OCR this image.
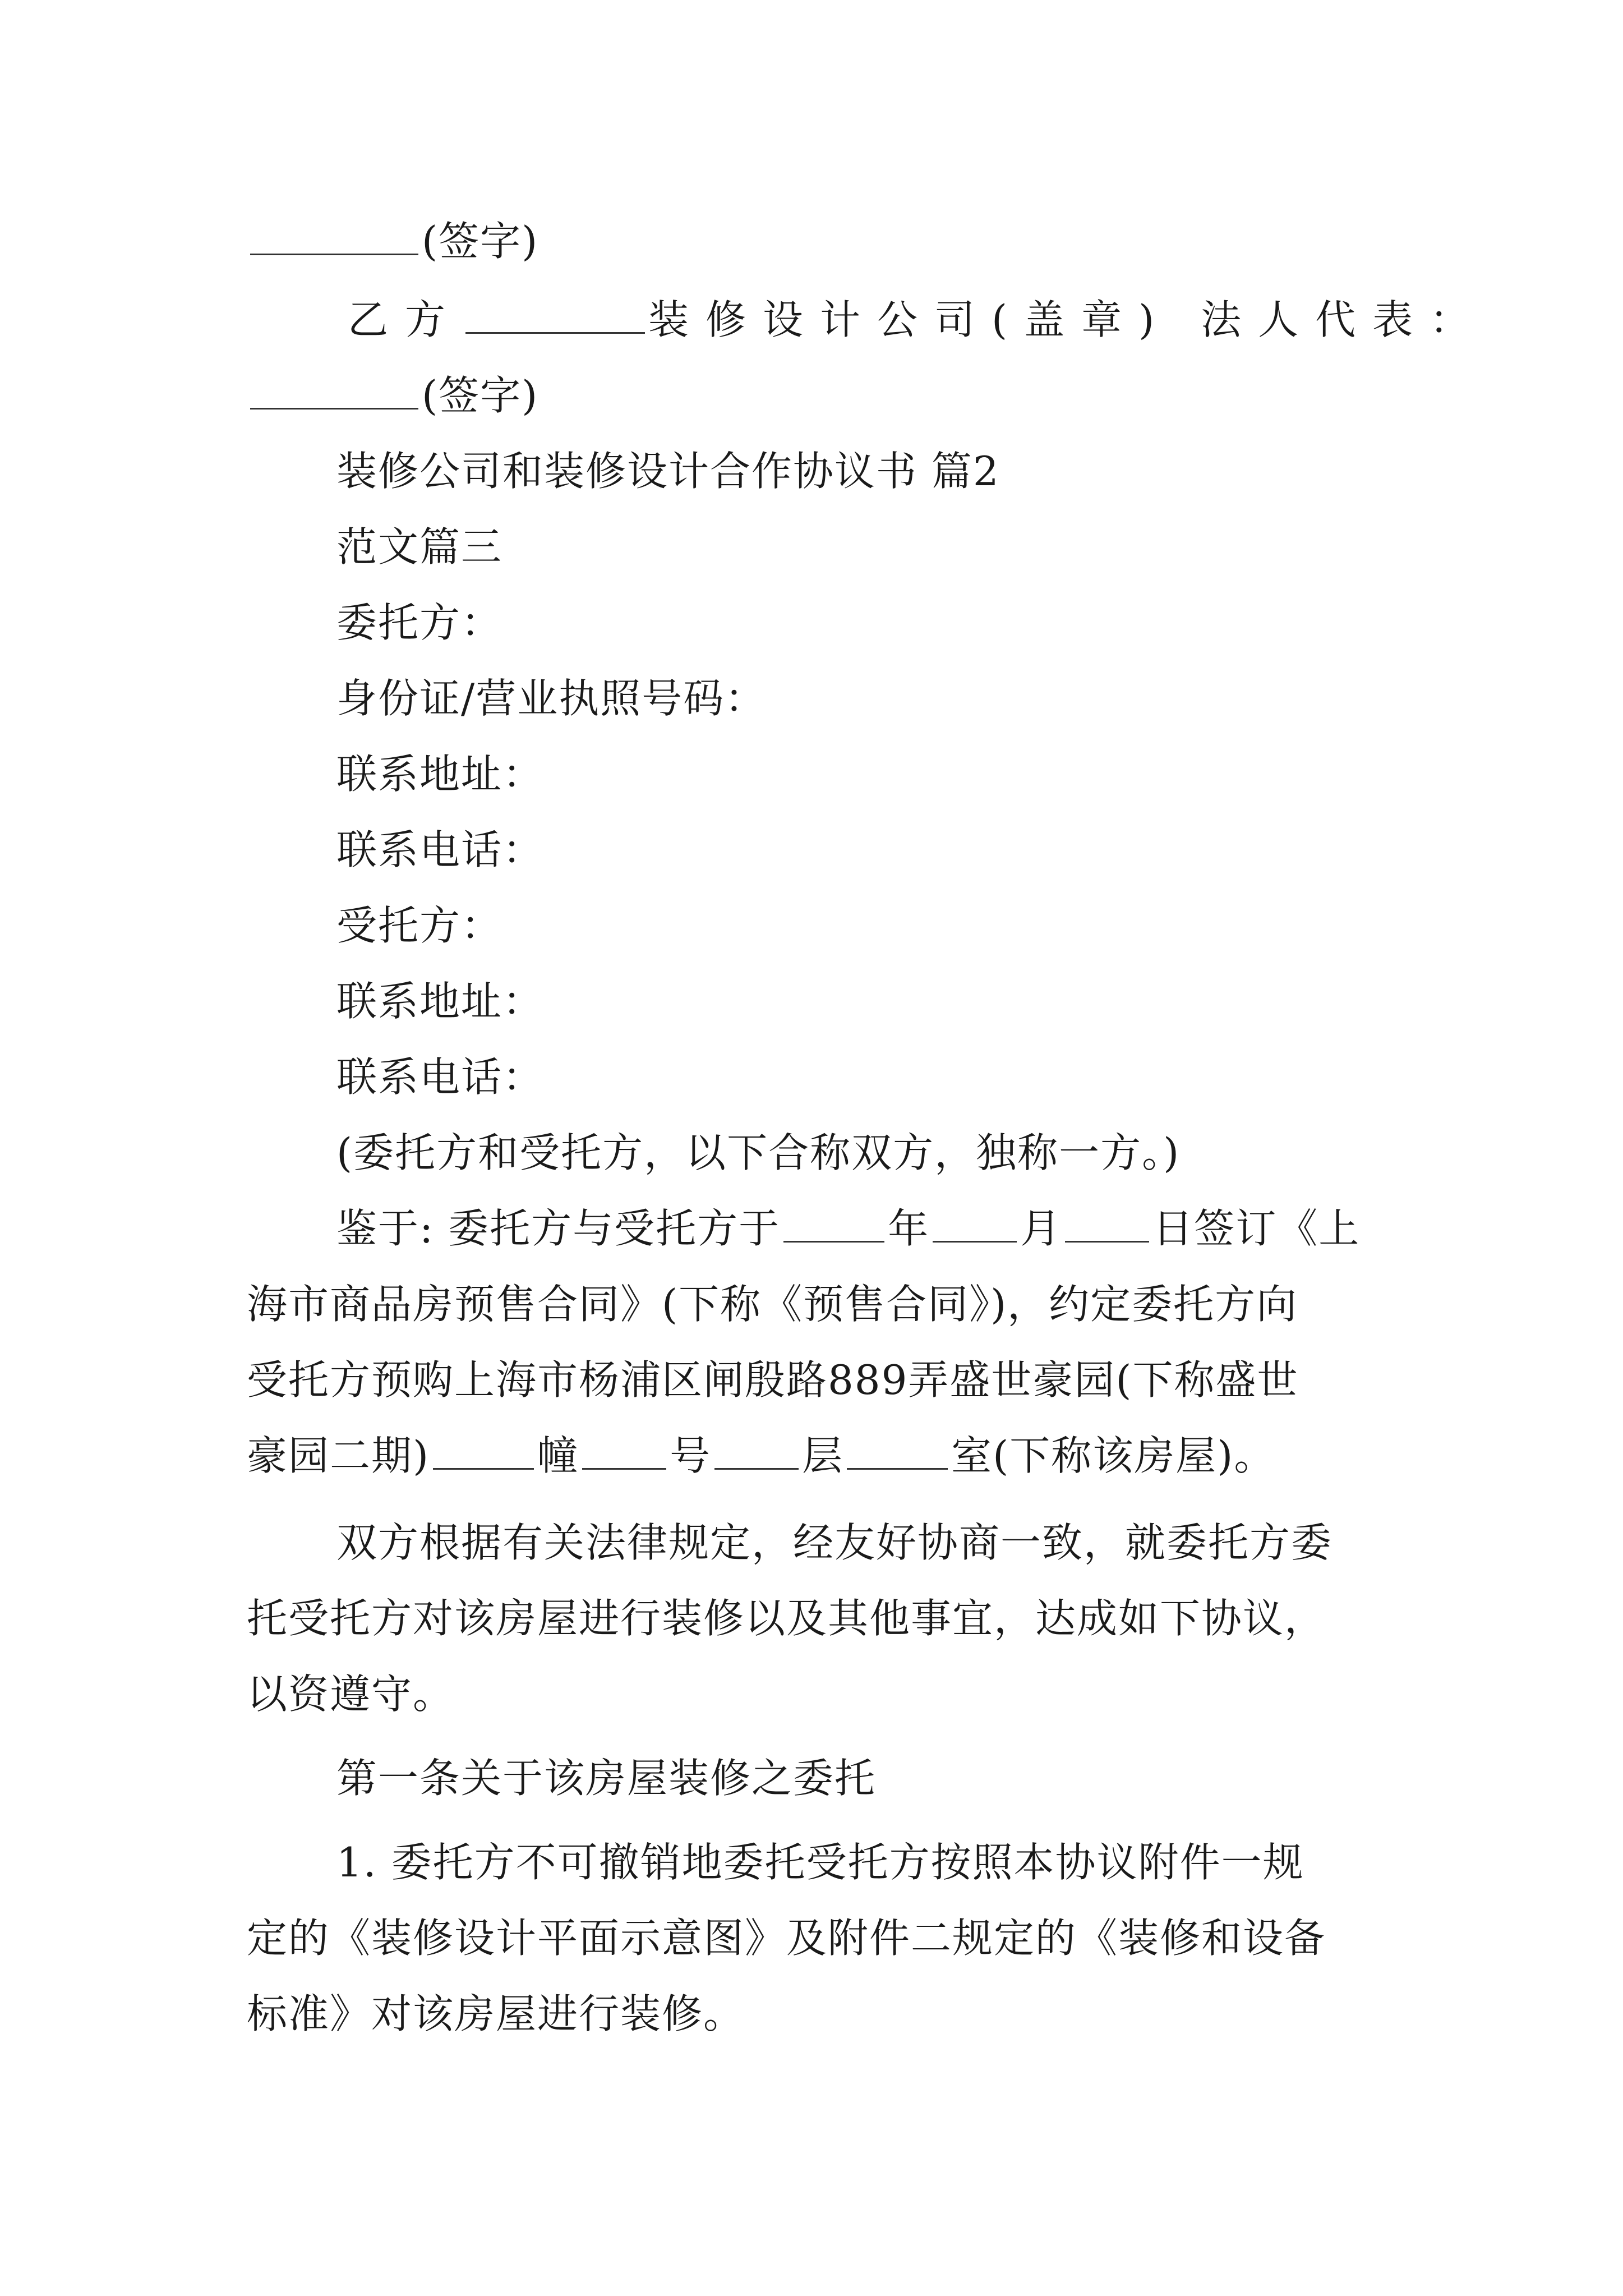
(签字)
乙方	装修设计公司(盖章) 法人代表：
(签字)
装修公司和装修设计合作协议书 篇2
范文篇三
委托方：
身份证/营业执照号码：
联系地址：
联系电话：
受托方：
联系地址：
联系电话：
(委托方和受托方，以下合称双方，独称一方。)
鉴于: 委托方与受托方于	年 月 日签订《上
海市商品房预售合同》(下称《预售合同》)，约定委托方向
受托方预购上海市杨浦区闸殷路889弄盛世豪园(下称盛世
豪园二期)	幢 号 层	室(下称该房屋)。
双方根据有关法律规定，经友好协商一致，就委托方委
托受托方对该房屋进行装修以及其他事宜，达成如下协议，
以资遵守。
第一条关于该房屋装修之委托
1. 委托方不可撤销地委托受托方按照本协议附件一规
定的《装修设计平面示意图》及附件二规定的《装修和设备
标准》对该房屋进行装修。
